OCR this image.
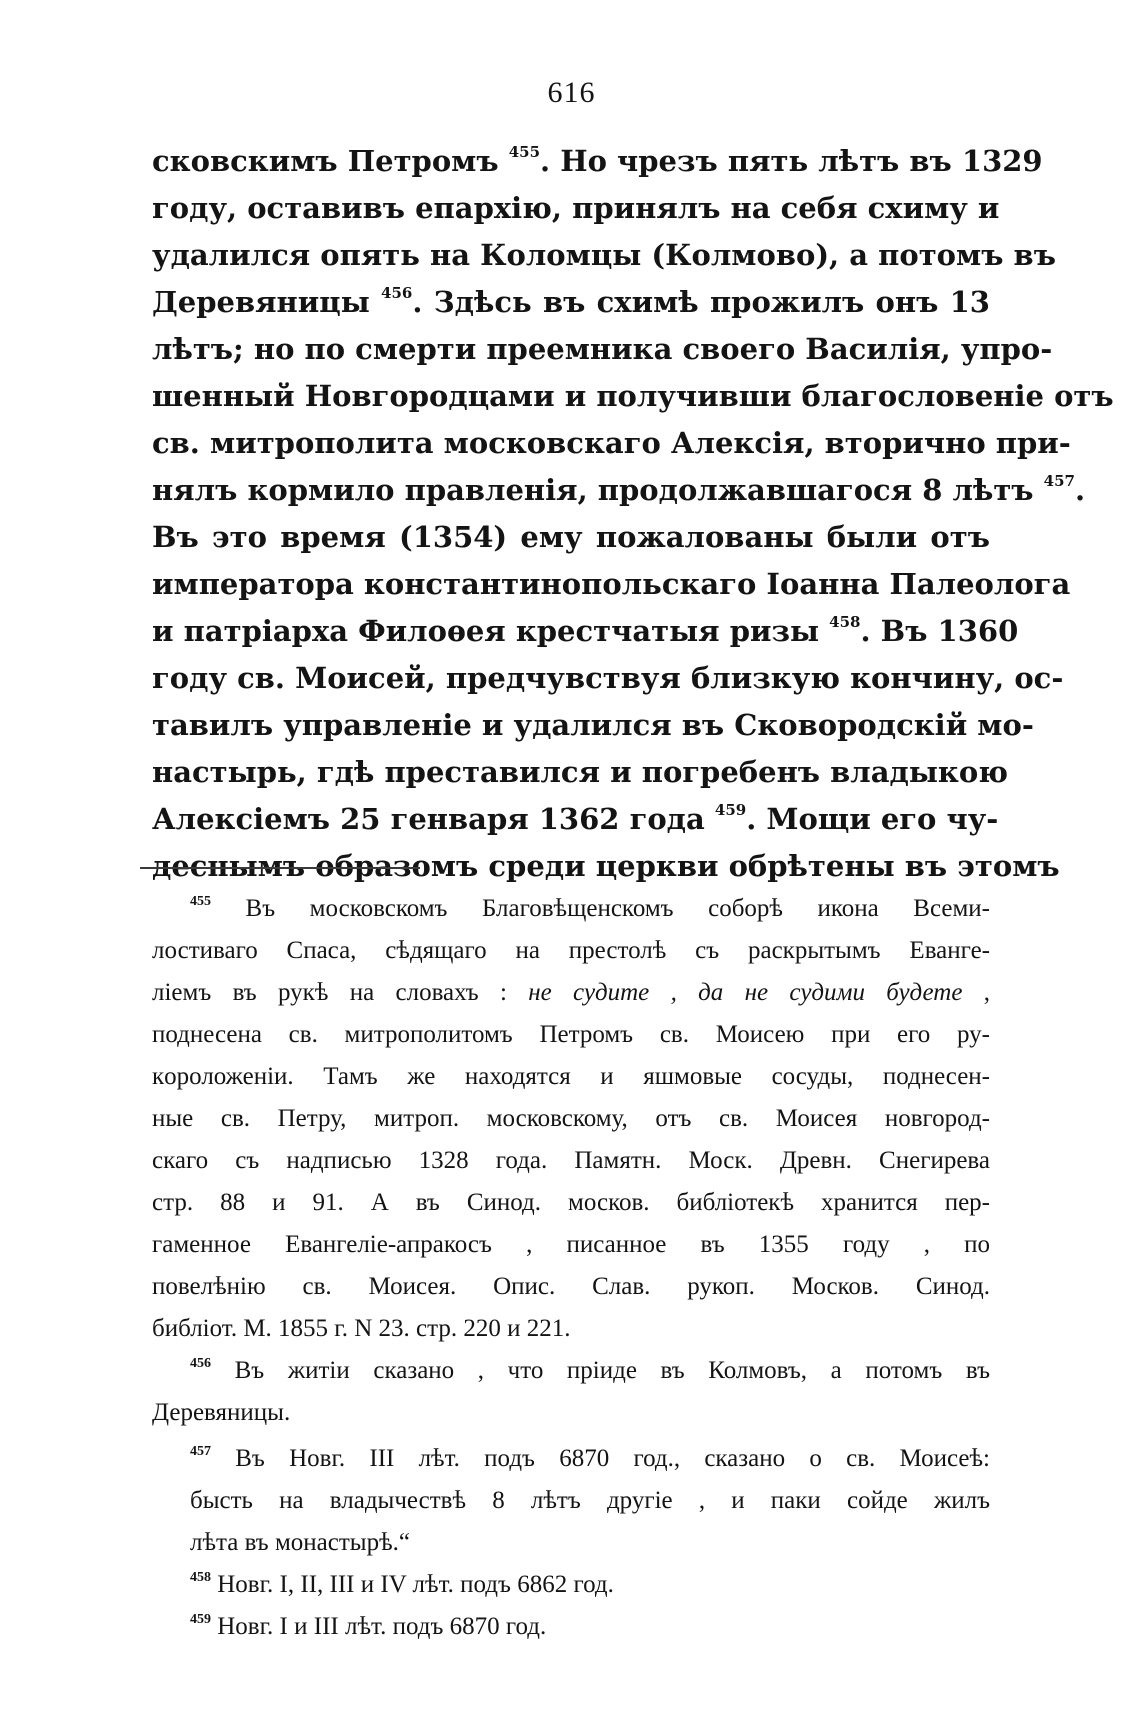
616
сковскимъ Петромъ $^{455}$. Но чрезъ пять лѣтъ въ 1329
году, оставивъ епархію, принялъ на себя схиму и
удалился опять на Коломцы (Колмово), а потомъ въ
Деревяницы $^{456}$. Здѣсь въ схимѣ прожилъ онъ 13
лѣтъ; но по смерти преемника своего Василія, упро-
шенный Новгородцами и получивши благословеніе отъ
св. митрополита московскаго Алексія, вторично при-
нялъ кормило правленія, продолжавшагося 8 лѣтъ $^{457}$.
Въ это время (1354) ему пожалованы были отъ
императора константинопольскаго Іоанна Палеолога
и патріарха Филоѳея крестчатыя ризы $^{458}$. Въ 1360
году св. Моисей, предчувствуя близкую кончину, ос-
тавилъ управленіе и удалился въ Сковородскій мо-
настырь, гдѣ преставился и погребенъ владыкою
Алексіемъ 25 генваря 1362 года $^{459}$. Мощи его чу-
деснымъ образомъ среди церкви обрѣтены въ этомъ
$^{455}$ Въ московскомъ Благовѣщенскомъ соборѣ икона Всеми-
лостиваго Спаса, сѣдящаго на престолѣ съ раскрытымъ Еванге-
ліемъ въ рукѣ на словахъ : не судите , да не судими будете ,
поднесена св. митрополитомъ Петромъ св. Моисею при его ру-
кopоложеніи. Тамъ же находятся и яшмовые сосуды, поднесен-
ные св. Петру, митроп. московскому, отъ св. Моисея новгород-
скаго съ надписью 1328 года. Памятн. Моск. Древн. Снегирева
стр. 88 и 91. А въ Синод. москов. библіотекѣ хранится пер-
гаменное Евангеліе-апракосъ , писанное въ 1355 году , по
повелѣнію св. Моисея. Опис. Слав. рукоп. Москов. Синод.
библіот. М. 1855 г. N 23. стр. 220 и 221.
$^{456}$ Въ житіи сказано , что пріиде въ Колмовъ, а потомъ въ
Деревяницы.
$^{457}$ Въ Новг. III лѣт. подъ 6870 год., сказано о св. Моисеѣ:
бысть на владычествѣ 8 лѣтъ другіе , и паки сойде жилъ
лѣта въ монастырѣ.“
$^{458}$ Новг. I, II, III и IV лѣт. подъ 6862 год.
$^{459}$ Новг. I и III лѣт. подъ 6870 год.
